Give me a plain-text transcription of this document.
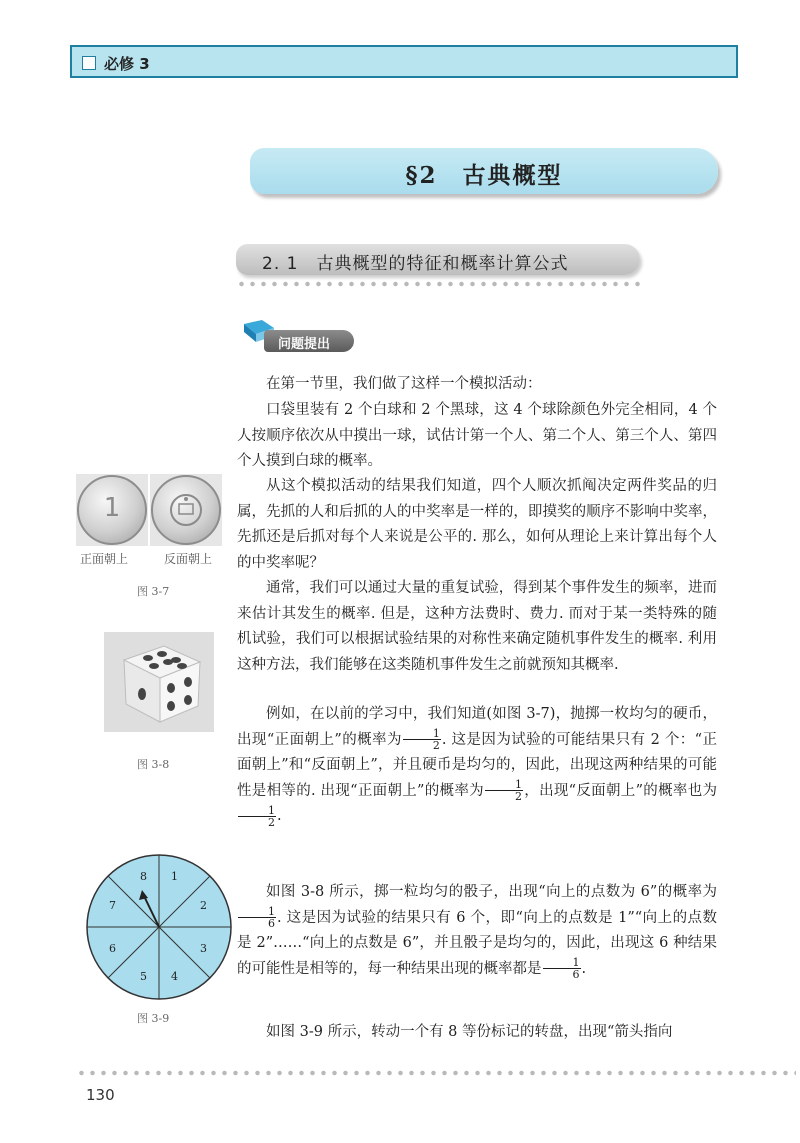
必修 3
§2　古典概型
2. 1　古典概型的特征和概率计算公式
问题提出

在第一节里，我们做了这样一个模拟活动：

口袋里装有 2 个白球和 2 个黑球，这 4 个球除颜色外完全相同，4 个人按顺序依次从中摸出一球，试估计第一个人、第二个人、第三个人、第四个人摸到白球的概率。

从这个模拟活动的结果我们知道，四个人顺次抓阄决定两件奖品的归属，先抓的人和后抓的人的中奖率是一样的，即摸奖的顺序不影响中奖率，先抓还是后抓对每个人来说是公平的. 那么，如何从理论上来计算出每个人的中奖率呢？

通常，我们可以通过大量的重复试验，得到某个事件发生的频率，进而来估计其发生的概率. 但是，这种方法费时、费力. 而对于某一类特殊的随机试验，我们可以根据试验结果的对称性来确定随机事件发生的概率. 利用这种方法，我们能够在这类随机事件发生之前就预知其概率.

例如，在以前的学习中，我们知道(如图 3-7)，抛掷一枚均匀的硬币，出现“正面朝上”的概率为 $\frac{1}{2}$ . 这是因为试验的可能结果只有 2 个：“正面朝上”和“反面朝上”，并且硬币是均匀的，因此，出现这两种结果的可能性是相等的. 出现“正面朝上”的概率为 $\frac{1}{2}$ ，出现“反面朝上”的概率也为
$\frac{1}{2}$ .

如图 3-8 所示，掷一粒均匀的骰子，出现“向上的点数为 6”的概率为
$\frac{1}{6}$ . 这是因为试验的结果只有 6 个，即“向上的点数是 1”“向上的点数是 2”……“向上的点数是 6”，并且骰子是均匀的，因此，出现这 6 种结果的可能性是相等的，每一种结果出现的概率都是 $\frac{1}{6}$ .

如图 3-9 所示，转动一个有 8 等份标记的转盘，出现“箭头指向

1
正面朝上	反面朝上
图 3-7
图 3-8
1
2
3
4
5
6
7
8
图 3-9
130
